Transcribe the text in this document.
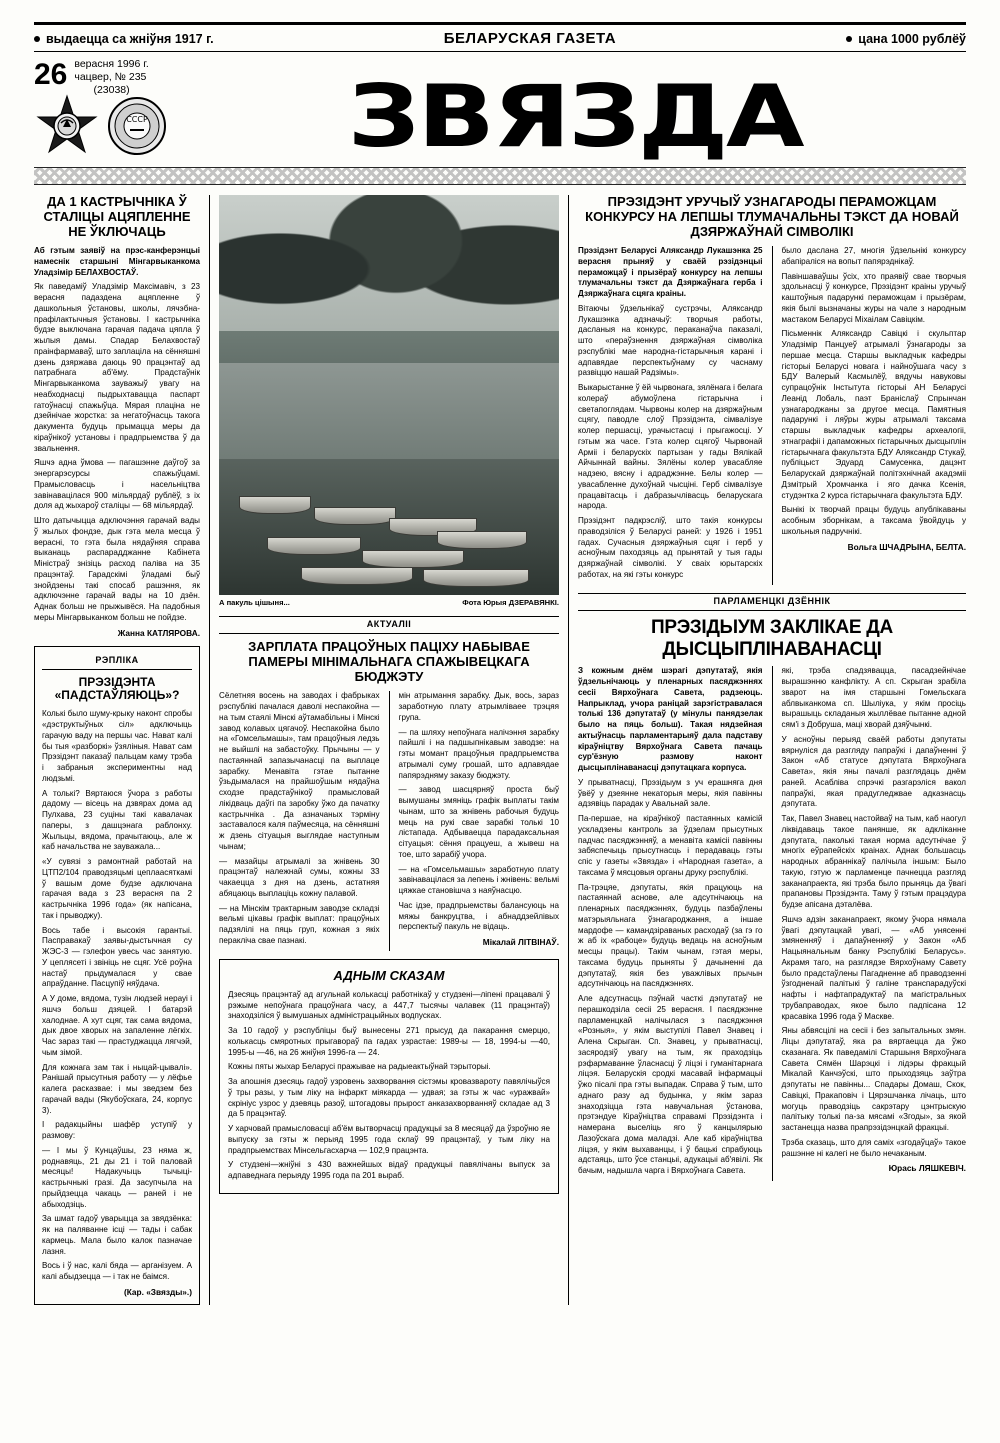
выдаецца са жніўня 1917 г.	БЕЛАРУСКАЯ ГАЗЕТА	цана 1000 рублёў
26 верасня 1996 г.
чацвер, № 235
(23038)
СССР	ЗВЯЗДА
ДА 1 КАСТРЫЧНІКА Ў СТАЛІЦЫ АЦЯПЛЕННЕ НЕ ЎКЛЮЧАЦЬ

Аб гэтым заявіў на прэс-канферэнцыі намеснік старшыні Мінгарвыканкома Уладзімір БЕЛАХВОСТАЎ.

Як паведаміў Уладзімір Максімавіч, з 23 верасня падаздена ацяпленне ў дашкольныя ўстановы, школы, лячэбна-прафілактычныя ўстановы. І кастрычніка будзе выключана гарачая падача цяпла ў жылыя дамы. Спадар Белахвостаў праінфармаваў, што заплаціла на сённяшні дзень дзяржава даюць 90 працэнтаў ад патрабнага аб'ёму. Прадстаўнік Мінгарвыканкома зауважыў увагу на неабходнасці пыдрыхтавацца паспарт гатоўнасці спажыўца. Мярая плаціна не дзейнічае жорстка: за негатоўнасць такога дакумента будуць прымацца меры да кіраўнікоў установы і прадпрыемства ў да звальнення.

Яшчэ адна ўмова — пагашэнне даўгоў за энергарэсурсы спажыўцамі. Прамысловасць і насельніцтва завінавацілася 900 мільярдаў рублёў, з іх доля ад жыхароў сталіцы — 68 мільярдаў.

Што датычыцца адключэння гарачай вады ў жылых фондзе, дык гэта мела месца ў верасні, то гэта была нядаўняя справа выканаць распарадджанне Кабінета Міністраў знізіць расход паліва на 35 працэнтаў. Гарадскімі ўладамі быў знойдзены такі спосаб рашэння, як адключэнне гарачай вады на 10 дзён. Аднак больш не прыжывёся. На падобныя меры Мінгарвыканком больш не пойдзе.

Жанна КАТЛЯРОВА.
РЭПЛІКА
ПРЭЗІДЭНТА «ПАДСТАЎЛЯЮЦЬ»?

Колькі было шуму-крыку наконт спробы «дэструктыўных сіл» адключыць гарачую ваду на першы час. Нават калі бы тыя «разборкі» ўзяліныя. Нават сам Прэзідэнт паказаў пальцам каму трэба і забраныя экспериментны над людзьмі.

А толькі? Вяртаюся ўчора з работы дадому — вісець на дзвярах дома ад Пулхава, 23 суціны такі кавалачак паперы, з дашцэнага раблонху. Жыльцы, вядома, прачытаюць, але ж каб начальства не зауважала...

«У сувязі з рамонтнай работай на ЦТП2/104 праводзяцьмі цеплаасяткамі ў вашым доме будзе адключана гарачая вада з 23 верасня па 2 кастрычніка 1996 года» (як напісана, так і прыводжу).

Вось табе і высокія гарантыі. Пасправакаў заявы-дыстычная су ЖЭС-3 — гэлефон увесь час занятую. У цеплясеті і звініць не сцяг. Усё роўна настаў прыдумалася у свае апраўданне. Пасцупіў няўдача.

А У доме, вядома, тузін людзей нерауі і яшчэ больш дзяцей. І батарэй халоднае. А хут сцяг, так сама вядома, дык двое хворых на запаленне лёгкіх. Час зараз такі — прастуджацца лягчэй, чым зімой.

Для кожнага зам так і ныцай-цывалі». Ранішай прысутныя работу — у лёфье калега расказвае: і мы зведзем без гарачай вады (Якубоўскага, 24, корпус 3).

І радакцыйны шафёр уступіў у размову:

— І мы ў Кунцаўшы, 23 няма ж, роднавяць, 21 ды 21 і той паловай месяцы! Надакучыць тычыці-кастрычныкі гразі. Да засупчыла на прыйдзецца чакаць — раней і не абыходзіць.

За шмат гадоў уварыцца за звядзёнка: як на паляванне ісці — тады і сабак кармець. Мала было калок пазначае лазня.

Вось і ў нас, калі бяда — арганізуем. А калі абыдзецца — і так не баімся.

(Кар. «Звязды».)
А пакуль цішыня...	Фота Юрыя ДЗЕРАВЯНКІ.
АКТУАЛІІ
ЗАРПЛАТА ПРАЦОЎНЫХ ПАЦІХУ НАБЫВАЕ ПАМЕРЫ МІНІМАЛЬНАГА СПАЖЫВЕЦКАГА БЮДЖЭТУ

Сёлетняя восень на заводах і фабрыках рэспублікі пачалася даволі неспакойна — на тым стаялі Мінскі аўтамабільны і Мінскі завод колавых цягачоў. Неспакойна было на «Гомсельмашы», там працоўныя ледзь не выйшлі на забастоўку. Прычыны — у пастаяннай запазычанасці па выплаце зарабку. Менавіта гэтае пытанне ўзьдымалася на прайшоўшым нядаўна сходзе прадстаўнікоў прамысловай лікідваць даўгі па заробку ўжо да пачатку кастрычніка . Да азначаных тэрміну заставалося каля паўмесяца, на сённяшні ж дзень сітуацыя выглядае наступным чынам;

— мазайцы атрымалі за жнівень 30 працэнтаў належнай сумы, кожны 33 чакаецца з дня на дзень, астатняя абяцаюць выплаціць кожну палавой.

— на Мінскім трактарным заводзе складзі вельмі цікавы графік выплат: працоўных падзялілі на пяць груп, кожная з якіх перакліча свае пазнакі.

мін атрымання зарабку. Дык, вось, зараз заработную плату атрымліваее трэцяя група.

— па шляху непоўнага налічэння зарабку пайшлі і на падшыпнікавым заводзе: на гэты момант працоўныя прадпрыемства атрымалі суму грошай, што адпавядае папярэдняму заказу бюджэту.

— завод шасцярняў проста быў вымушаны змяніць графік выплаты такім чынам, што за жнівень рабочыя будуць мець на рукі свае зарабкі толькі 10 лістапада. Адбываецца парадаксальная сітуацыя: сёння працуеш, а жывеш на тое, што зарабіў учора.

— на «Гомсельмашы» заработную плату завінавацілася за лепень і жнівень: вельмі цяжкае становішча з наяўнасцю.

Час ідзе, прадпрыемствы балансуюць на мяжы банкруцтва, і абнаддзейлівых перспектыў пакуль не відаць.

Мікалай ЛІТВІНАЎ.
АДНЫМ СКАЗАМ

Дзесяць працэнтаў ад агульнай колькасці работнікаў у студзені—ліпені працавалі ў рэжыме непоўнага працоўнага часу, а 447,7 тысячы чалавек (11 працэнтаў) знаходзіліся ў вымушаных адміністрацыйных водпусках.

За 10 гадоў у рэспубліцы быў вынесены 271 прысуд да пакарання смерцю, колькасць смяротных прыгавораў па гадах узрастае: 1989-ы — 18, 1994-ы —40, 1995-ы —46, на 26 жніўня 1996-га — 24.

Кожны пяты жыхар Беларусі пражывае на радыеактыўнай тэрыторыі.

За апошнія дзесяць гадоў узровень захворвання сістэмы кровазвароту павялічыўся ў тры разы, у тым ліку на інфаркт міякарда — удвая; за гэты ж час «уражвай» скрініус узрос у дзевяць разоў, штогадовы прырост анказахворванняў складае ад 3 да 5 працэнтаў.

У харчовай прамысловасці аб'ём вытворчасці прадукцыі за 8 месяцаў да ўзроўню яе выпуску за гэты ж перыяд 1995 года склаў 99 працэнтаў, у тым ліку на прадпрыемствах Мінсельгасхарча — 102,9 працэнта.

У студзені—жніўні з 430 важнейшых відаў прадукцыі павялічаны выпуск за адпаведнага перыяду 1995 года па 201 выраб.

ПРЭЗІДЭНТ УРУЧЫЎ УЗНАГАРОДЫ ПЕРАМОЖЦАМ КОНКУРСУ НА ЛЕПШЫ ТЛУМАЧАЛЬНЫ ТЭКСТ ДА НОВАЙ ДЗЯРЖАЎНАЙ СІМВОЛІКІ

Прэзідэнт Беларусі Аляксандр Лукашэнка 25 верасня прыняў у сваёй рэзідэнцыі пераможцаў і прызёраў конкурсу на лепшы тлумачальны тэкст да Дзяржаўнага герба і Дзяржаўнага сцяга краіны.

Вітаючы ўдзельнікаў сустрэчы, Аляксандр Лукашэнка адзначыў: творчыя работы, дасланыя на конкурс, пераканаўча паказалі, што «пераўзнення дзяржаўная сімволіка рэспублікі мае народна-гістарычныя карані і адпавядае перспектыўнаму су часнаму развіццю нашай Радзімы».

Выкарыстанне ў ёй чырвонага, зялёнага і белага колераў абумоўлена гістарычна і светапоглядам. Чырвоны колер на дзяржаўным сцягу, паводле слоў Прэзідэнта, сімвалізуе колер першасці, урачыстасці і прыгажосці. У гэтым жа часе. Гэта колер сцягоў Чырвонай Арміі і беларускіх партызан у гады Вялікай Айчыннай вайны. Зялёны колер увасабляе надзею, вясну і адраджэнне. Белы колер — увасабленне духоўнай чысціні. Герб сімвалізуе працавітасць і дабразычлівасць беларускага народа.

Прэзідэнт падкрэсліў, што такія конкурсы праводзіліся ў Беларусі раней: у 1926 і 1951 гадах. Сучасныя дзяржаўныя сцяг і герб у асноўным паходзяць ад прынятай у тыя гады дзяржаўнай сімволікі. У сваіх юрытарскіх работах, на які гэты конкурс

было даслана 27, многія ўдзельнікі конкурсу абапіраліся на вопыт папярэднікаў.

Павіншаваўшы ўсіх, хто праявіў свае творчыя здольнасці ў конкурсе, Прэзідэнт краіны уручыў каштоўныя падарункі пераможцам і прызёрам, якія былі вызначаны журы на чале з народным мастаком Беларусі Міхаілам Савіцкім.

Пісьменнік Аляксандр Савіцкі і скульптар Уладзімір Панцуеў атрымалі ўзнагароды за першае месца. Старшы выкладчык кафедры гісторыі Беларусі новага і найноўшага часу з БДУ Валерый Касмылёў, вядучы навуковы супрацоўнік Інстытута гісторыі АН Беларусі Леанід Лобаль, паэт Браніслаў Спрынчан узнагароджаны за другое месца. Памятныя падарункі і ляўры журы атрымалі таксама старшы выкладчык кафедры археалогіі, этнаграфіі і дапаможных гістарычных дысцыплін гістарычнага факультэта БДУ Аляксандр Стукаў, публіцыст Эдуард Самусенка, дацэнт Беларускай дзяржаўнай політэхнічнай акадэміі Дзмітрый Хромчанка і яго дачка Ксенія, студэнтка 2 курса гістарычнага факультэта БДУ.

Вынікі іх творчай працы будуць апублікаваны асобным зборнікам, а таксама ўвойдуць у школьныя падручнікі.

Вольга ШЧАДРЫНА, БЕЛТА.
ПАРЛАМЕНЦКІ ДЗЁННІК
ПРЭЗІДЫУМ ЗАКЛІКАЕ ДА ДЫСЦЫПЛІНАВАНАСЦІ

З кожным днём шэрагі дэпутатаў, якія ўдзельнічаюць у пленарных пасяджэннях сесіі Вярхоўнага Савета, радзеюць. Напрыклад, учора раніцай зарэгістравалася толькі 136 дэпутатаў (у мінулы панядзелак было на пяць больш). Такая нядзейная актыўнасць парламентарыяў дала падставу кіраўніцтву Вярхоўнага Савета пачаць сур'ёзную размову наконт дысцыплінаванасці дэпутацкага корпуса.

У прыватнасці, Прэзідыум з уч ерашняга дня ўвёў у дзеянне некаторыя меры, якія павінны адзявіць парадак у Авальнай зале.

Па-першае, на кіраўнікоў пастаянных камісій ускладзены кантроль за ўдзелам прысутных падчас пасяджэнняў, а менавіта камісіі павінны забяспечыць прысутнасць і перадаваць гэты спіс у газеты «Звязда» і «Народная газета», а таксама ў мясцовыя органы друку рэспублікі.

Па-трэцяе, дэпутаты, якія працуюць на пастаяннай аснове, але адсутнічаюць на пленарных пасяджэннях, будуць пазбаўлены матэрыяльнага ўзнагароджання, а іншае мардофе — камандзіраваных расходаў (за гэ го ж аб іх «рабоце» будуць ведаць на асноўным месцы працы). Такім чынам, гэтая меры, таксама будуць прыняты ў дачыненні да дэпутатаў, якія без уважлівых прычын адсутнічаюць на пасяджэннях.

Але адсутнасць пэўнай часткі дэпутатаў не перашкодзіла сесіі 25 верасня. І пасяджэнне парламенцкай налічылася з пасяджэння «Розныя», у якім выступілі Павел Знавец і Алена Скрыган. Сп. Знавец, у прыватнасці, засяродзіў увагу на тым, як праходзіць рэфармаванне ўласнасці ў ліцэі і гуманітарнага ліцэя. Беларускія сродкі масавай інфармацыі ўжо пісалі пра гэты выпадак. Справа ў тым, што аднаго разу ад будынка, у якім зараз знаходзіцца гэта навучальная ўстанова, прэтэндуе Кіраўніцтва справамі Прэзідэнта і намерана выселіць яго ў канцылярыю Лазоўскага дома маладзі. Але каб кіраўніцтва ліцэя, у якім выхаванцы, і ў бацькі спрабуюць адстаяць, што ўсе станцыі, адукацыі аб'явілі. Як бачым, надышла чарга і Вярхоўнага Савета.

які, трэба спадзявацца, пасадзейнічае вырашэнню канфлікту. А сп. Скрыган зрабіла зварот на імя старшыні Гомельскага аблвыканкома сп. Шыліука, у якім просіць вырашыць складаныя жыллёвае пытанне адной сям'і з Добруша, маці хворай дзяўчынкі.

У асноўны перыяд сваёй работы дэпутаты вярнуліся да разгляду папраўкі і дапаўненні ў Закон «Аб статусе дэпутата Вярхоўнага Савета», якія яны пачалі разглядаць днём раней. Асабліва спрэчкі разгарэліся вакол папраўкі, якая прадугледжвае адказнасць дэпутата.

Так, Павел Знавец настойваў на тым, каб наогул ліквідаваць такое панянше, як адкліканне дэпутата, паколькі такая норма адсутнічае ў многіх еўрапейскіх краінах. Аднак большасць народных абраннікаў палічыла іншым: Было такую, гэтую ж парламенце пачнецца разгляд заканапраекта, які трэба было прыняць да ўвагі прапановы Прэзідэнта. Таму ў гэтым працэдура будзе апісана дэталёва.

Яшчэ адзін заканапраект, якому ўчора нямала ўвагі дэпутацкай увагі, — «Аб унясенні змяненняў і дапаўненняў у Закон «Аб Нацыянальным банку Рэспублікі Беларусь». Акрамя таго, на разглядзе Вярхоўнаму Савету было прадстаўлены Пагадненне аб праводзенні ўзгодненай палітыкі ў галіне транспарадуўскі нафты і нафтапрадуктаў па магістральных трубаправодах, якое было падпісана 12 красавіка 1996 года ў Маскве.

Яны абвясцілі на сесіі і без запытальных змян. Ліцы дэпутатаў, яка ра вяртаецца да ўжо сказанага. Як паведамілі Старшыня Вярхоўнага Савета Сямён Шарэцкі і лідэры фракцый Мікалай Канчэўскі, што прыходзяць заўтра дэпутаты не павінны... Спадары Домаш, Скок, Савіцкі, Пракаповіч і Цярэшчанка лічаць, што могуць праводзіць сакрэтару цэнтрыскую палітыку толькі па-за мясамі «Згоды», за якой застанецца назва прапрэзідэнцкай фракцыі.

Трэба сказаць, што для саміх «згодаўцаў» такое рашэнне ні калегі не было нечаканым.

Юрась ЛЯШКЕВІЧ.
